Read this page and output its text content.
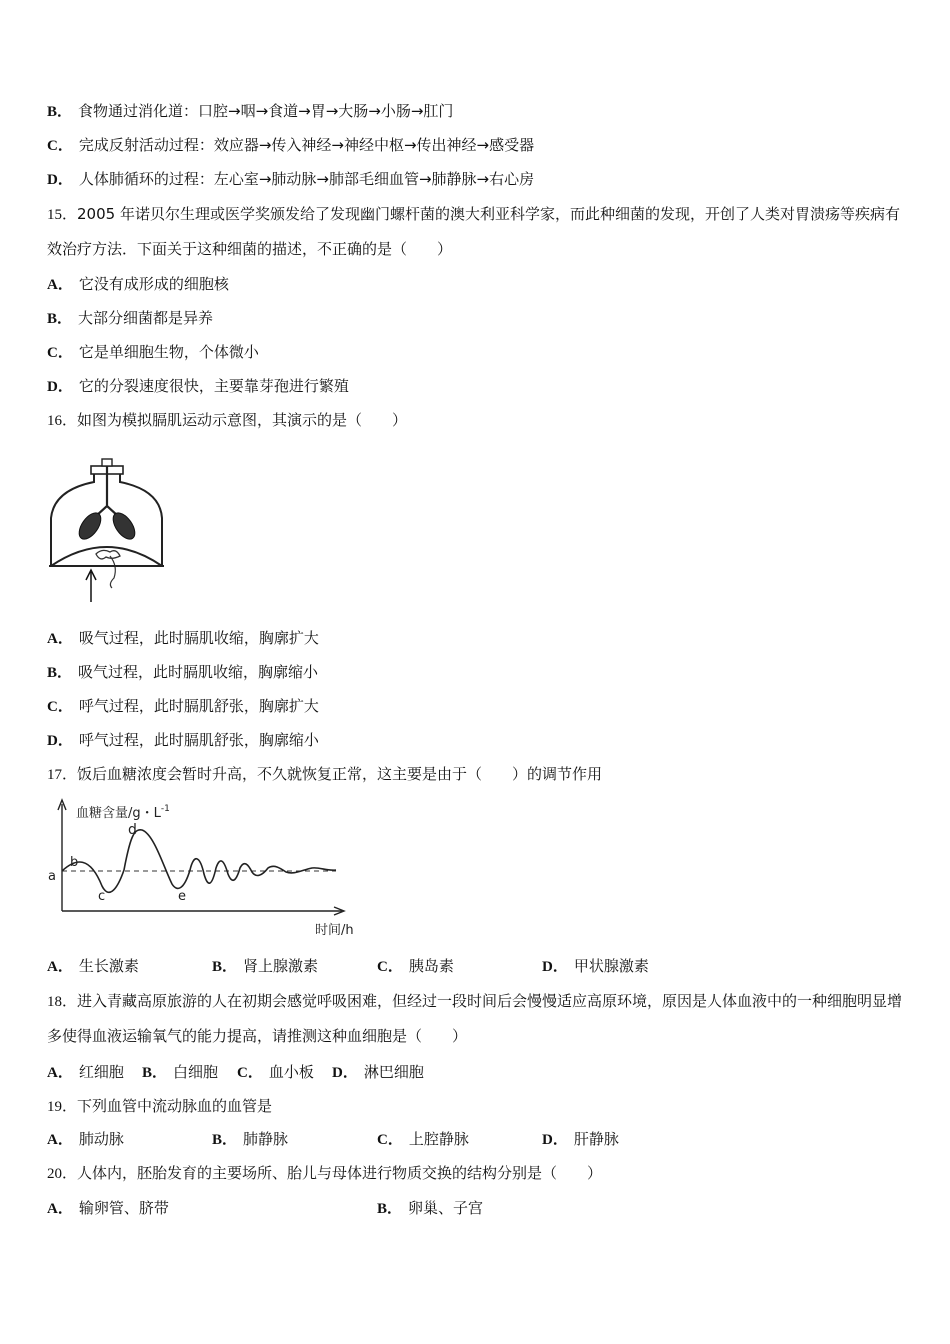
B． 食物通过消化道：口腔→咽→食道→胃→大肠→小肠→肛门
C． 完成反射活动过程：效应器→传入神经→神经中枢→传出神经→感受器
D． 人体肺循环的过程：左心室→肺动脉→肺部毛细血管→肺静脉→右心房
15．2005 年诺贝尔生理或医学奖颁发给了发现幽门螺杆菌的澳大利亚科学家，而此种细菌的发现，开创了人类对胃溃疡等疾病有效治疗方法．下面关于这种细菌的描述，不正确的是（　　）
A． 它没有成形成的细胞核
B． 大部分细菌都是异养
C． 它是单细胞生物，个体微小
D． 它的分裂速度很快，主要靠芽孢进行繁殖
16．如图为模拟膈肌运动示意图，其演示的是（　　）
A． 吸气过程，此时膈肌收缩，胸廓扩大
B． 吸气过程，此时膈肌收缩，胸廓缩小
C． 呼气过程，此时膈肌舒张，胸廓扩大
D． 呼气过程，此时膈肌舒张，胸廓缩小
17．饭后血糖浓度会暂时升高，不久就恢复正常，这主要是由于（　　）的调节作用
血糖含量/g・$L^{-1}$
时间/h
a
b
c
d
e
A． 生长激素	B． 肾上腺激素	C． 胰岛素	D． 甲状腺激素
18．进入青藏高原旅游的人在初期会感觉呼吸困难，但经过一段时间后会慢慢适应高原环境，原因是人体血液中的一种细胞明显增多使得血液运输氧气的能力提高，请推测这种血细胞是（　　）
A． 红细胞 B． 白细胞 C． 血小板 D． 淋巴细胞
19．下列血管中流动脉血的血管是
A． 肺动脉	B． 肺静脉	C． 上腔静脉	D． 肝静脉
20．人体内，胚胎发育的主要场所、胎儿与母体进行物质交换的结构分别是（　　）
A． 输卵管、脐带	B． 卵巢、子宫
